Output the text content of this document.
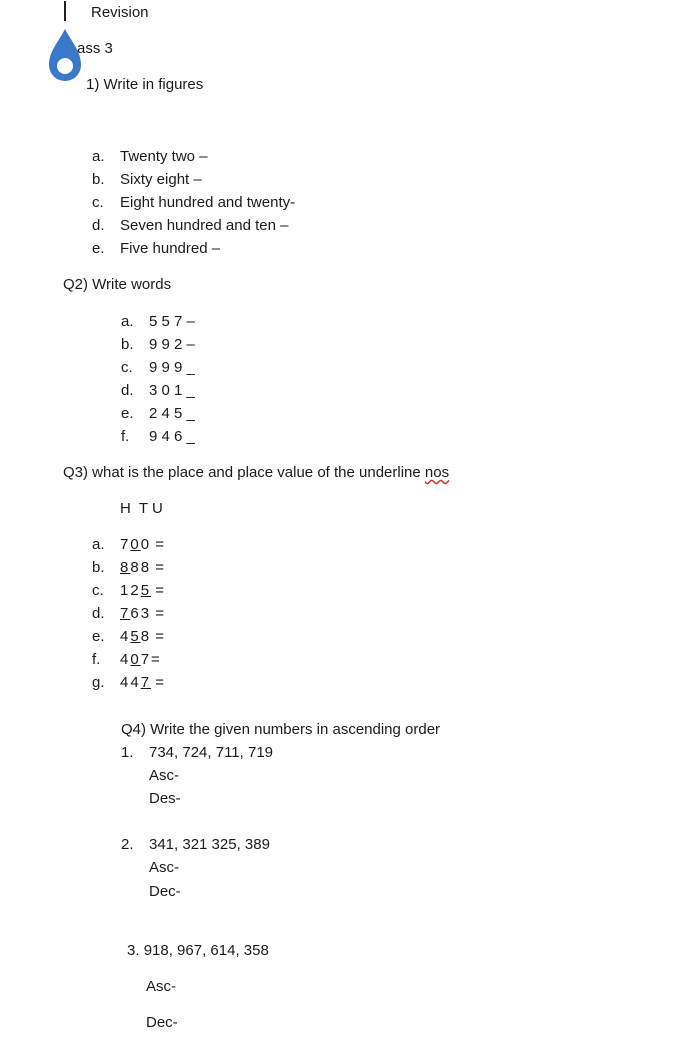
Revision
ass 3
1) Write in figures
a. Twenty two –
b. Sixty eight –
c. Eight hundred and twenty-
d. Seven hundred and ten –
e. Five hundred –
Q2) Write words
a. 5 5 7 –
b. 9 9 2 –
c. 9 9 9 _
d. 3 0 1 _
e. 2 4 5 _
f. 9 4 6 _
Q3) what is the place and place value of the underline nos
H  T U
a. 700 =
b. 888 =
c. 125 =
d. 763 =
e. 458 =
f. 407=
g. 447 =
Q4) Write the given numbers in ascending order
1. 734, 724, 711, 719
Asc-
Des-
2. 341, 321 325, 389
Asc-
Dec-
3. 918, 967, 614, 358
Asc-
Dec-
